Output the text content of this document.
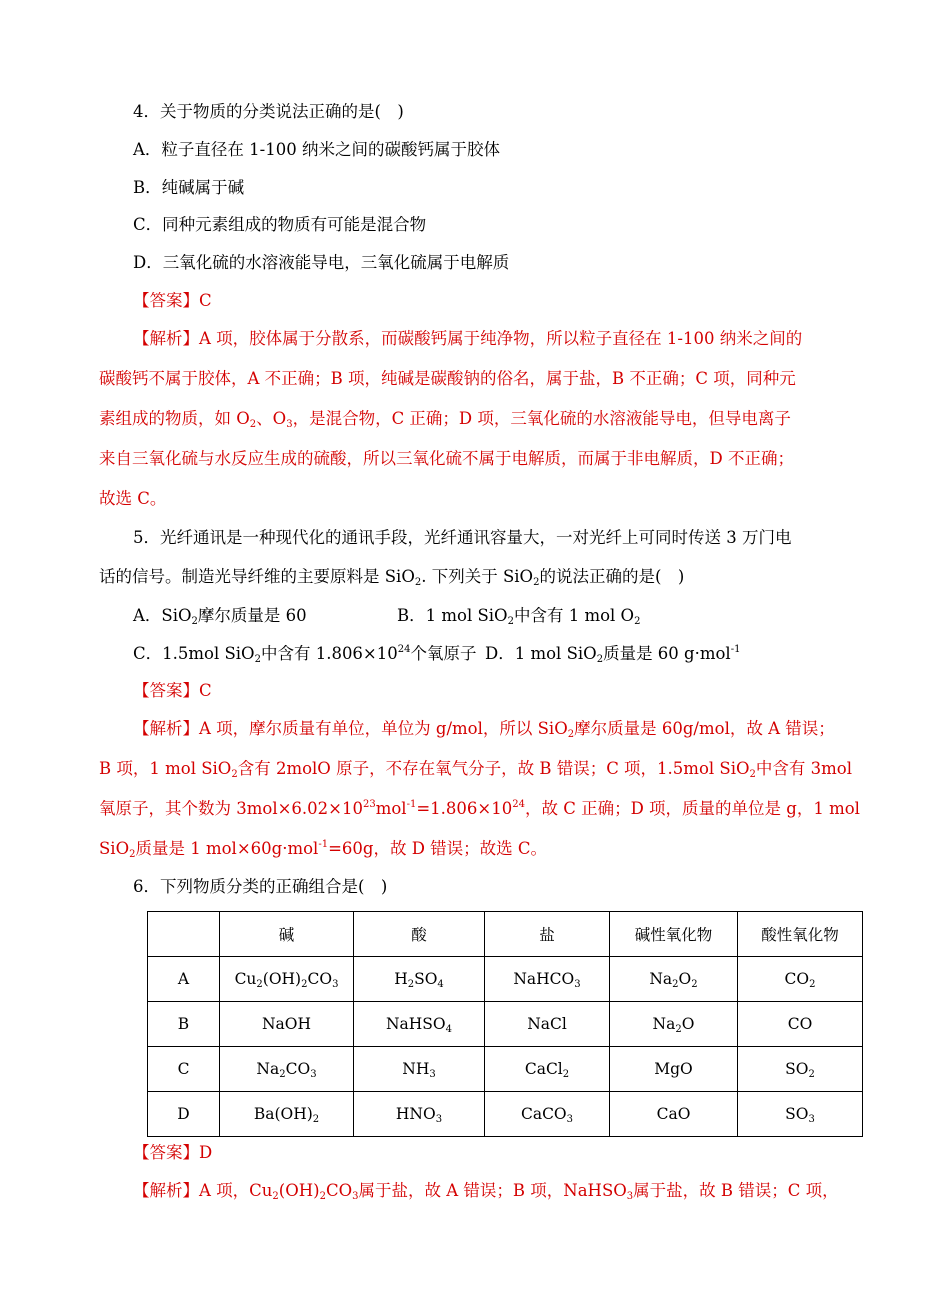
4．关于物质的分类说法正确的是(　)
A．粒子直径在 1-100 纳米之间的碳酸钙属于胶体
B．纯碱属于碱
C．同种元素组成的物质有可能是混合物
D．三氧化硫的水溶液能导电，三氧化硫属于电解质
【答案】C
【解析】A 项，胶体属于分散系，而碳酸钙属于纯净物，所以粒子直径在 1-100 纳米之间的
碳酸钙不属于胶体，A 不正确；B 项，纯碱是碳酸钠的俗名，属于盐，B 不正确；C 项，同种元
素组成的物质，如 $O_2$、$O_3$，是混合物，C 正确；D 项，三氧化硫的水溶液能导电，但导电离子
来自三氧化硫与水反应生成的硫酸，所以三氧化硫不属于电解质，而属于非电解质，D 不正确；
故选 C。
5．光纤通讯是一种现代化的通讯手段，光纤通讯容量大，一对光纤上可同时传送 3 万门电
话的信号。制造光导纤维的主要原料是 SiO$_2$. 下列关于 SiO$_2$的说法正确的是(　)
A．SiO$_2$摩尔质量是 60	B．1 mol SiO$_2$中含有 1 mol $O_2$
C．1.5mol SiO$_2$中含有 $1.806\times 10^{24}$个氧原子 D．1 mol SiO$_2$质量是 60 g·mol$^{-1}$
【答案】C
【解析】A 项，摩尔质量有单位，单位为 g/mol，所以 SiO$_2$摩尔质量是 60g/mol，故 A 错误；
B 项，1 mol SiO$_2$含有 2molO 原子，不存在氧气分子，故 B 错误；C 项，1.5mol SiO$_2$中含有 3mol
氧原子，其个数为 $3mol\times 6.02\times 10^{23}mol^{-1}=1.806\times 10^{24}$，故 C 正确；D 项，质量的单位是 g，1 mol
SiO$_2$质量是 1 mol×60g·mol$^{-1}$=60g，故 D 错误；故选 C。
6．下列物质分类的正确组合是(　)
	碱	酸	盐	碱性氧化物	酸性氧化物
A	$Cu_2(OH)_2CO_3$	$H_2SO_4$	NaHCO$_3$	$Na_2O_2$	$CO_2$
B	NaOH	NaHSO$_4$	NaCl	$Na_2O$	CO
C	$Na_2CO_3$	$NH_3$	CaCl$_2$	MgO	$SO_2$
D	$Ba(OH)_2$	$HNO_3$	CaCO$_3$	CaO	$SO_3$
【答案】D
【解析】A 项，$Cu_2(OH)_2CO_3$属于盐，故 A 错误；B 项，NaHSO$_3$属于盐，故 B 错误；C 项，
